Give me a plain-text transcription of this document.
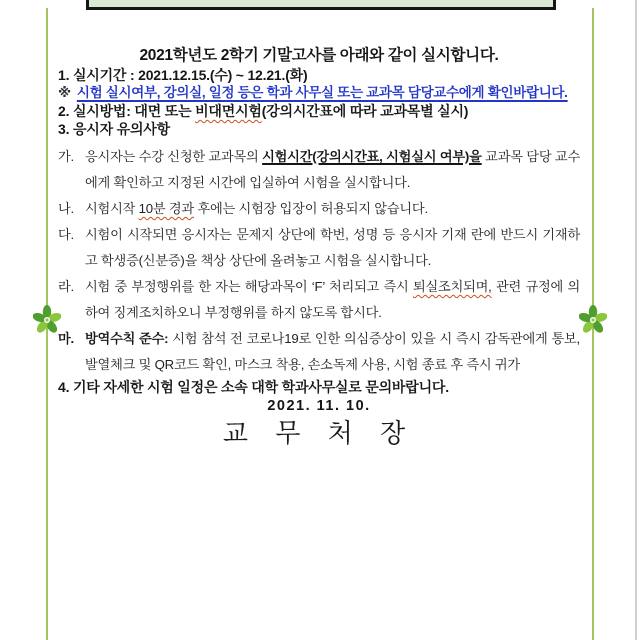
2021학년도 2학기 기말고사를 아래와 같이 실시합니다.

1. 실시기간 : 2021.12.15.(수) ~ 12.21.(화)

※ 시험 실시여부, 강의실, 일정 등은 학과 사무실 또는 교과목 담당교수에게 확인바랍니다.

2. 실시방법: 대면 또는 비대면시험(강의시간표에 따라 교과목별 실시)

3. 응시자 유의사항

가. 응시자는 수강 신청한 교과목의 시험시간(강의시간표, 시험실시 여부)을 교과목 담당 교수에게 확인하고 지정된 시간에 입실하여 시험을 실시합니다.
나. 시험시작 10분 경과 후에는 시험장 입장이 허용되지 않습니다.
다. 시험이 시작되면 응시자는 문제지 상단에 학번, 성명 등 응시자 기재 란에 반드시 기재하고 학생증(신분증)을 책상 상단에 올려놓고 시험을 실시합니다.
라. 시험 중 부정행위를 한 자는 해당과목이 ‘F’ 처리되고 즉시 퇴실조치되며, 관련 규정에 의하여 징계조치하오니 부정행위를 하지 않도록 합시다.
마. 방역수칙 준수: 시험 참석 전 코로나19로 인한 의심증상이 있을 시 즉시 감독관에게 통보, 발열체크 및 QR코드 확인, 마스크 착용, 손소독제 사용, 시험 종료 후 즉시 귀가

4. 기타 자세한 시험 일정은 소속 대학 학과사무실로 문의바랍니다.

2021. 11. 10.

교 무 처 장
